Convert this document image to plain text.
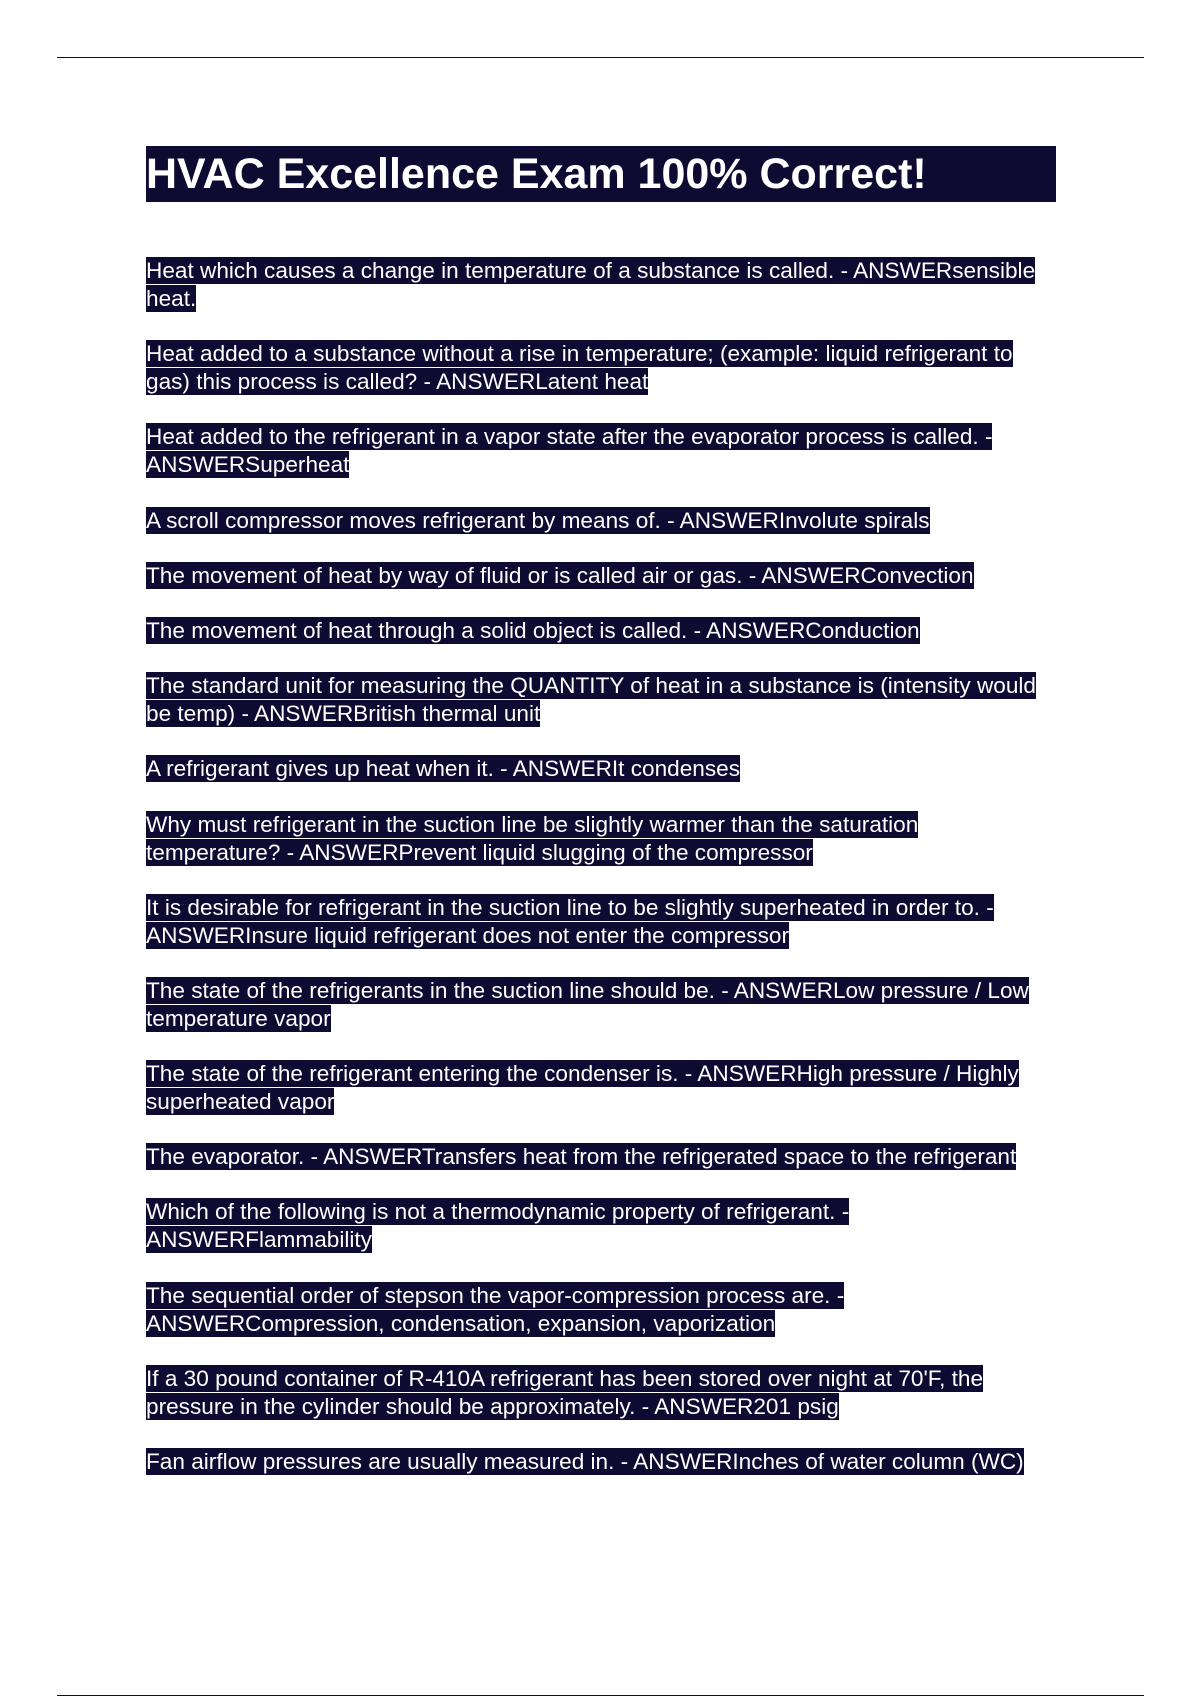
HVAC Excellence Exam 100% Correct!

Heat which causes a change in temperature of a substance is called. - ANSWERsensible heat.

Heat added to a substance without a rise in temperature; (example: liquid refrigerant to gas) this process is called? - ANSWERLatent heat

Heat added to the refrigerant in a vapor state after the evaporator process is called. - ANSWERSuperheat

A scroll compressor moves refrigerant by means of. - ANSWERInvolute spirals

The movement of heat by way of fluid or is called air or gas. - ANSWERConvection

The movement of heat through a solid object is called. - ANSWERConduction

The standard unit for measuring the QUANTITY of heat in a substance is (intensity would be temp) - ANSWERBritish thermal unit

A refrigerant gives up heat when it. - ANSWERIt condenses

Why must refrigerant in the suction line be slightly warmer than the saturation temperature? - ANSWERPrevent liquid slugging of the compressor

It is desirable for refrigerant in the suction line to be slightly superheated in order to. - ANSWERInsure liquid refrigerant does not enter the compressor

The state of the refrigerants in the suction line should be. - ANSWERLow pressure / Low temperature vapor

The state of the refrigerant entering the condenser is. - ANSWERHigh pressure / Highly superheated vapor

The evaporator. - ANSWERTransfers heat from the refrigerated space to the refrigerant

Which of the following is not a thermodynamic property of refrigerant. - ANSWERFlammability

The sequential order of stepson the vapor-compression process are. - ANSWERCompression, condensation, expansion, vaporization

If a 30 pound container of R-410A refrigerant has been stored over night at 70'F, the pressure in the cylinder should be approximately. - ANSWER201 psig

Fan airflow pressures are usually measured in. - ANSWERInches of water column (WC)
